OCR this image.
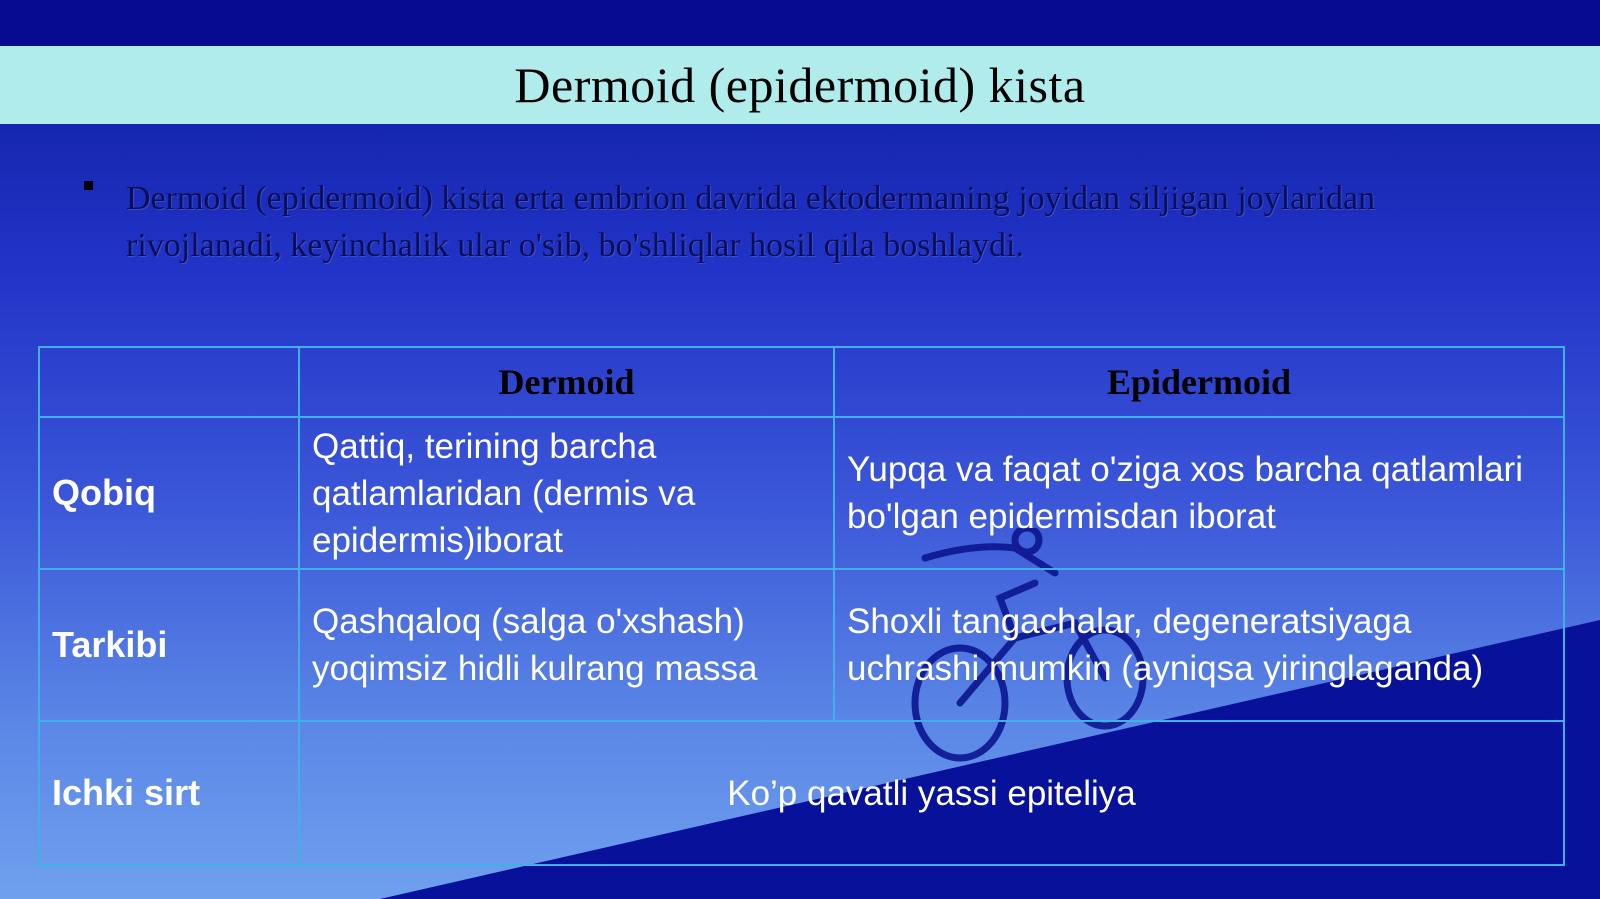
Dermoid (epidermoid) kista

Dermoid (epidermoid) kista erta embrion davrida ektodermaning joyidan siljigan joylaridan rivojlanadi, keyinchalik ular o'sib, bo'shliqlar hosil qila boshlaydi.

	Dermoid	Epidermoid
Qobiq	Qattiq, terining barcha qatlamlaridan (dermis va epidermis)iborat	Yupqa va faqat o'ziga xos barcha qatlamlari bo'lgan epidermisdan iborat
Tarkibi	Qashqaloq (salga o'xshash) yoqimsiz hidli kulrang massa	Shoxli tangachalar, degeneratsiyaga uchrashi mumkin (ayniqsa yiringlaganda)
Ichki sirt	Ko’p qavatli yassi epiteliya	
